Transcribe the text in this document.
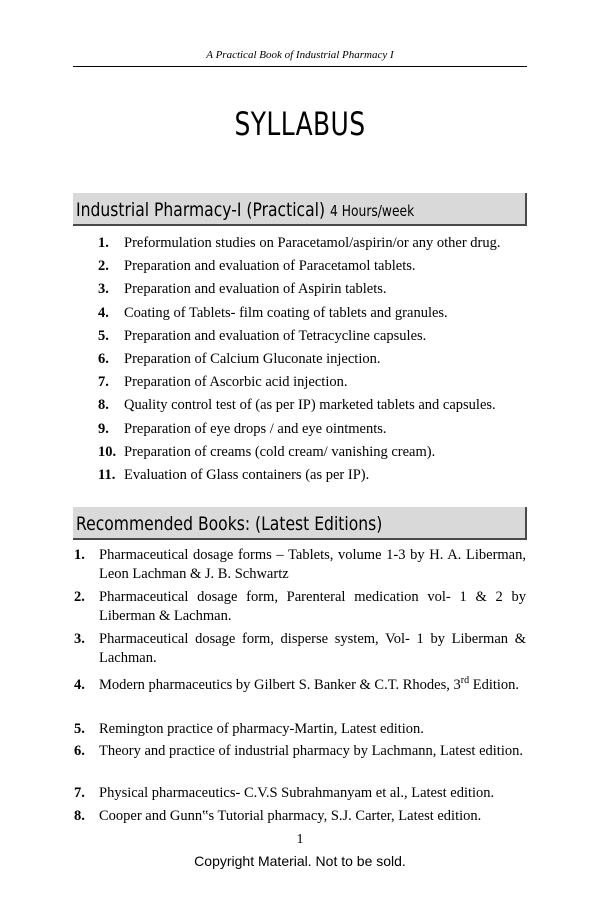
A Practical Book of Industrial Pharmacy I
SYLLABUS
Industrial Pharmacy-I (Practical) 4 Hours/week
1.	Preformulation studies on Paracetamol/aspirin/or any other drug.
2.	Preparation and evaluation of Paracetamol tablets.
3.	Preparation and evaluation of Aspirin tablets.
4.	Coating of Tablets- film coating of tablets and granules.
5.	Preparation and evaluation of Tetracycline capsules.
6.	Preparation of Calcium Gluconate injection.
7.	Preparation of Ascorbic acid injection.
8.	Quality control test of (as per IP) marketed tablets and capsules.
9.	Preparation of eye drops / and eye ointments.
10. Preparation of creams (cold cream/ vanishing cream).
11. Evaluation of Glass containers (as per IP).
Recommended Books: (Latest Editions)
1. Pharmaceutical dosage forms – Tablets, volume 1-3 by H. A. Liberman, Leon Lachman & J. B. Schwartz
2. Pharmaceutical dosage form, Parenteral medication vol- 1 & 2 by Liberman & Lachman.
3. Pharmaceutical dosage form, disperse system, Vol- 1 by Liberman & Lachman.
4. Modern pharmaceutics by Gilbert S. Banker & C.T. Rhodes, 3rd Edition.
5. Remington practice of pharmacy-Martin, Latest edition.
6. Theory and practice of industrial pharmacy by Lachmann, Latest edition.
7. Physical pharmaceutics- C.V.S Subrahmanyam et al., Latest edition.
8. Cooper and Gunn‟s Tutorial pharmacy, S.J. Carter, Latest edition.
1
Copyright Material. Not to be sold.
